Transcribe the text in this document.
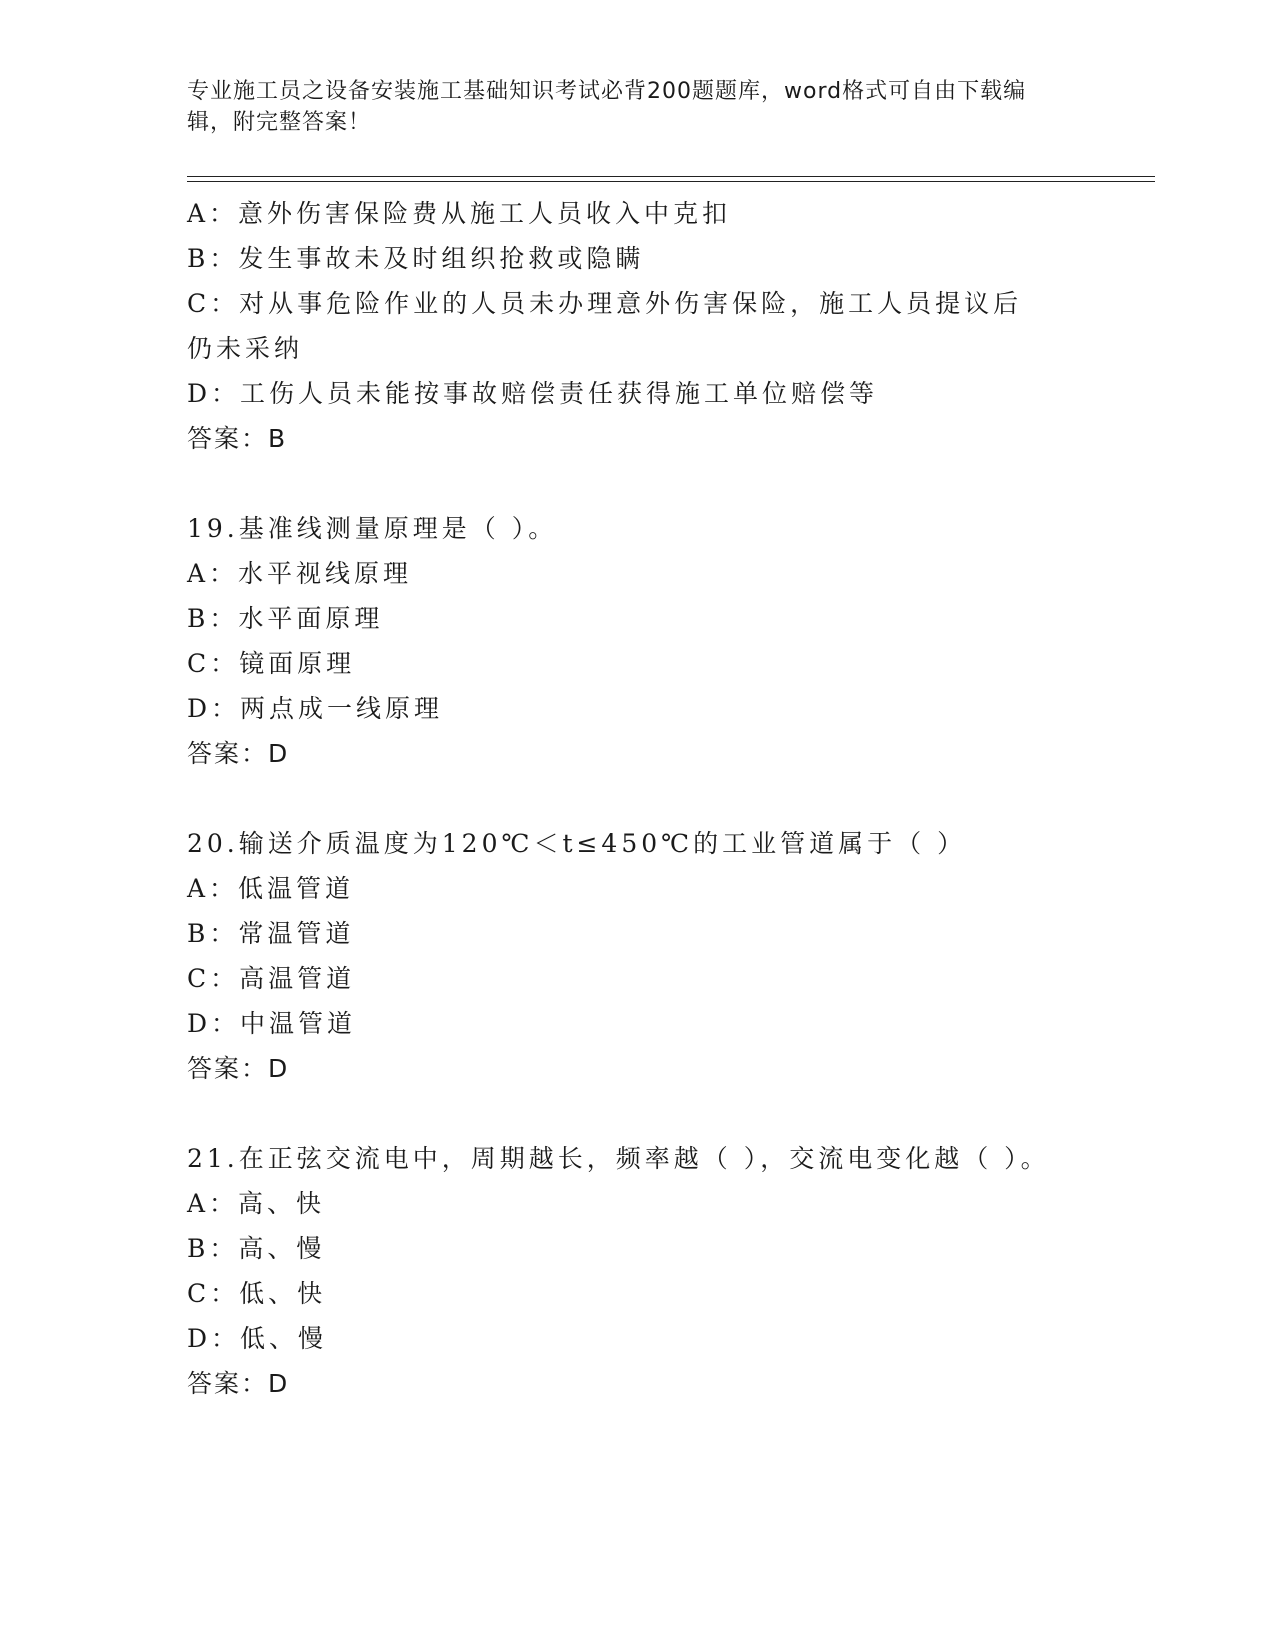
专业施工员之设备安装施工基础知识考试必背200题题库，word格式可自由下载编辑，附完整答案！
A：意外伤害保险费从施工人员收入中克扣
B：发生事故未及时组织抢救或隐瞒
C：对从事危险作业的人员未办理意外伤害保险，施工人员提议后仍未采纳
D：工伤人员未能按事故赔偿责任获得施工单位赔偿等
答案：B
19.基准线测量原理是（ ）。
A：水平视线原理
B：水平面原理
C：镜面原理
D：两点成一线原理
答案：D
20.输送介质温度为120℃＜t≤450℃的工业管道属于（ ）
A：低温管道
B：常温管道
C：高温管道
D：中温管道
答案：D
21.在正弦交流电中，周期越长，频率越（ ），交流电变化越（ ）。
A：高、快
B：高、慢
C：低、快
D：低、慢
答案：D
